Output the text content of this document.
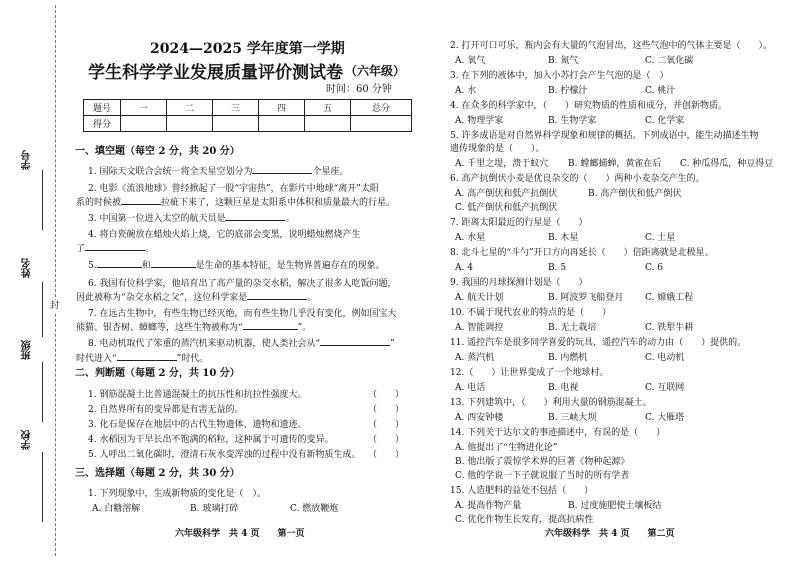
学号
姓名
班级
学校
封
2024—2025 学年度第一学期
学生科学学业发展质量评价测试卷 （六年级）
时间：60 分钟
题号	一	二	三	四	五	总分
得分						
一、填空题（每空 2 分，共 20 分）
1. 国际天文联合会统一将全天星空划分为	个星座。
2. 电影《流浪地球》曾经掀起了一股“宇宙热”，在影片中地球“离开”太阳
系的时候被	拉疵下来了，这颗巨星是太阳系中体积和质量最大的行星。
3. 中国第一位进入太空的航天员是	。
4. 将白瓷碗放在蜡烛火焰上烧，它的底部会变黑，说明蜡烛燃烧产生
了	。
5.	和	是生命的基本特征，是生物界普遍存在的现象。
6. 我国有位科学家，他培育出了高产量的杂交水稻，解决了很多人吃饭问题，
因此被称为“杂交水稻之父”，这位科学家是	。
7. 在远古生物中，有些生物已经灭绝，而有些生物几乎没有变化，例如国宝大
熊猫、银杏树、蟑螂等，这些生物被称为“	”。
8. 电动机取代了笨重的蒸汽机来驱动机器，使人类社会从“	”
时代进入“	”时代。
二、判断题（每题 2 分，共 10 分）
1. 钢筋混凝土比普通混凝土的抗压性和抗拉性强度大。	（　　）
2. 自然界所有的变异都是有害无益的。	（　　）
3. 化石是保存在地层中的古代生物遗体、遗物和遗迹。	（　　）
4. 水稻因为干旱长出不饱满的稻粒，这种属于可遗传的变异。	（　　）
5. 人呼出二氧化碳时，澄清石灰水变浑浊的过程中没有新物质生成。 （　　）
三、选择题（每题 2 分，共 30 分）
1. 下列现象中，生成新物质的变化是（　）。
A. 白糖溶解	B. 玻璃打碎	C. 燃放鞭炮
六年级科学　共 4 页　　第一页
2. 打开可口可乐，瓶内会有大量的气泡冒出，这些气泡中的气体主要是（　　）。
A. 氧气	B. 氮气	C. 二氧化碳
3. 在下列的液体中，加入小苏打会产生气泡的是（　）
A. 水	B. 柠檬汁	C. 桃汁
4. 在众多的科学家中，（　　）研究物质的性质和成分，并创新物质。
A. 物理学家	B. 生物学家	C. 化学家
5. 许多成语是对自然界科学现象和规律的概括。下列成语中，能生动描述生物
遗传现象的是（　　）。
A. 千里之堤，溃于蚁穴 B. 螳螂捕蝉，黄雀在后 C. 种瓜得瓜，种豆得豆
6. 高产抗倒伏小麦是优良杂交的（　　）两种小麦杂交产生的。
A. 高产倒伏和低产抗倒伏	B. 高产倒伏和低产倒伏
C. 低产倒伏和低产抗倒伏
7. 距离太阳最近的行星是（　　）
A. 水星	B. 木星	C. 土星
8. 北斗七星的“斗勺”开口方向再延长（　　）倍距离就是北极星。
A. 4	B. 5	C. 6
9. 我国的月球探测计划是（　　）
A. 航天计划	B. 阿波罗飞船登月 C. 嫦娥工程
10. 不属于现代农业的特点的是（　　）
A. 智能调控	B. 无土栽培	C. 铁犁牛耕
11. 遥控汽车是很多同学喜爱的玩具，遥控汽车的动力由（　　）提供的。
A. 蒸汽机	B. 内燃机	C. 电动机
12.（　　）让世界变成了一个地球村。
A. 电话	B. 电视	C. 互联网
13. 下列建筑中，（　　）利用大量的钢筋混凝土。
A. 西安钟楼	B. 三峡大坝	C. 大雁塔
14. 下列关于达尔文的事迹描述中，有误的是（　　）
A. 他提出了“生物进化论”
B. 他出版了震惊学术界的巨著《物种起源》
C. 他的学说一下子就说服了当时的所有学者
15. 人造肥料的益处不包括（　　）
A. 提高作物产量	B. 过度施肥使土壤板结
C. 优化作物生长发育，提高抗病性
六年级科学　共 4 页　　第二页
